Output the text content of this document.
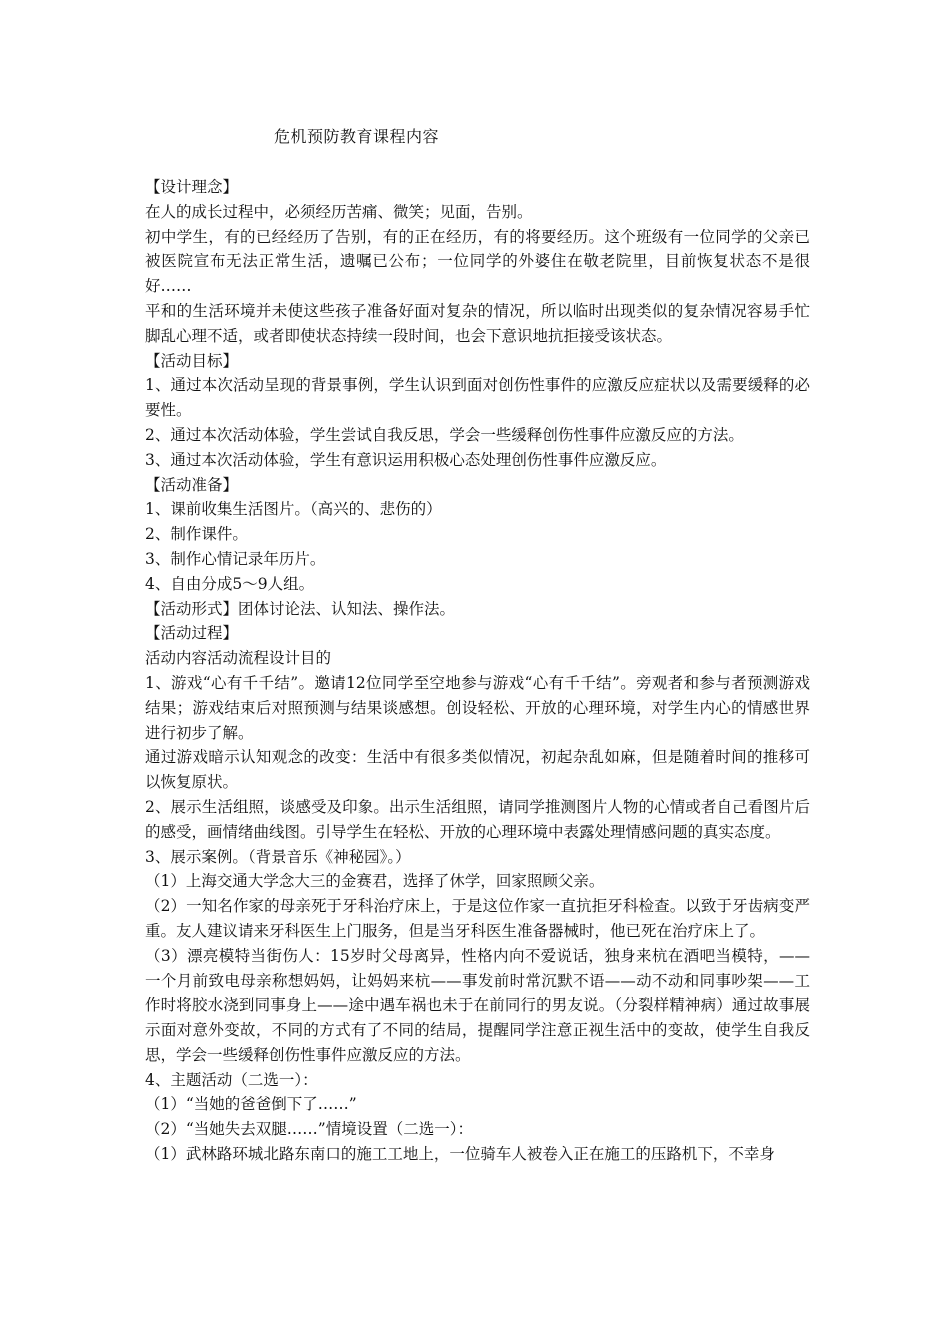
危机预防教育课程内容

【设计理念】

在人的成长过程中，必须经历苦痛、微笑；见面，告别。

初中学生，有的已经经历了告别，有的正在经历，有的将要经历。这个班级有一位同学的父亲已被医院宣布无法正常生活，遗嘱已公布；一位同学的外婆住在敬老院里，目前恢复状态不是很好……

平和的生活环境并未使这些孩子准备好面对复杂的情况，所以临时出现类似的复杂情况容易手忙脚乱心理不适，或者即使状态持续一段时间，也会下意识地抗拒接受该状态。

【活动目标】

1、通过本次活动呈现的背景事例，学生认识到面对创伤性事件的应激反应症状以及需要缓释的必要性。

2、通过本次活动体验，学生尝试自我反思，学会一些缓释创伤性事件应激反应的方法。

3、通过本次活动体验，学生有意识运用积极心态处理创伤性事件应激反应。

【活动准备】

1、课前收集生活图片。（高兴的、悲伤的）

2、制作课件。

3、制作心情记录年历片。

4、自由分成5～9人组。

【活动形式】团体讨论法、认知法、操作法。

【活动过程】

活动内容活动流程设计目的

1、游戏“心有千千结”。邀请12位同学至空地参与游戏“心有千千结”。旁观者和参与者预测游戏结果；游戏结束后对照预测与结果谈感想。创设轻松、开放的心理环境，对学生内心的情感世界进行初步了解。

通过游戏暗示认知观念的改变：生活中有很多类似情况，初起杂乱如麻，但是随着时间的推移可以恢复原状。

2、展示生活组照，谈感受及印象。出示生活组照，请同学推测图片人物的心情或者自己看图片后的感受，画情绪曲线图。引导学生在轻松、开放的心理环境中表露处理情感问题的真实态度。

3、展示案例。（背景音乐《神秘园》。）

（1）上海交通大学念大三的金赛君，选择了休学，回家照顾父亲。

（2）一知名作家的母亲死于牙科治疗床上，于是这位作家一直抗拒牙科检查。以致于牙齿病变严重。友人建议请来牙科医生上门服务，但是当牙科医生准备器械时，他已死在治疗床上了。

（3）漂亮模特当街伤人：15岁时父母离异，性格内向不爱说话，独身来杭在酒吧当模特，——一个月前致电母亲称想妈妈，让妈妈来杭——事发前时常沉默不语——动不动和同事吵架——工作时将胶水浇到同事身上——途中遇车祸也未于在前同行的男友说。（分裂样精神病）通过故事展示面对意外变故，不同的方式有了不同的结局，提醒同学注意正视生活中的变故，使学生自我反思，学会一些缓释创伤性事件应激反应的方法。

4、主题活动（二选一）：

（1）“当她的爸爸倒下了……”

（2）“当她失去双腿……”情境设置（二选一）：

（1）武林路环城北路东南口的施工工地上，一位骑车人被卷入正在施工的压路机下，不幸身
